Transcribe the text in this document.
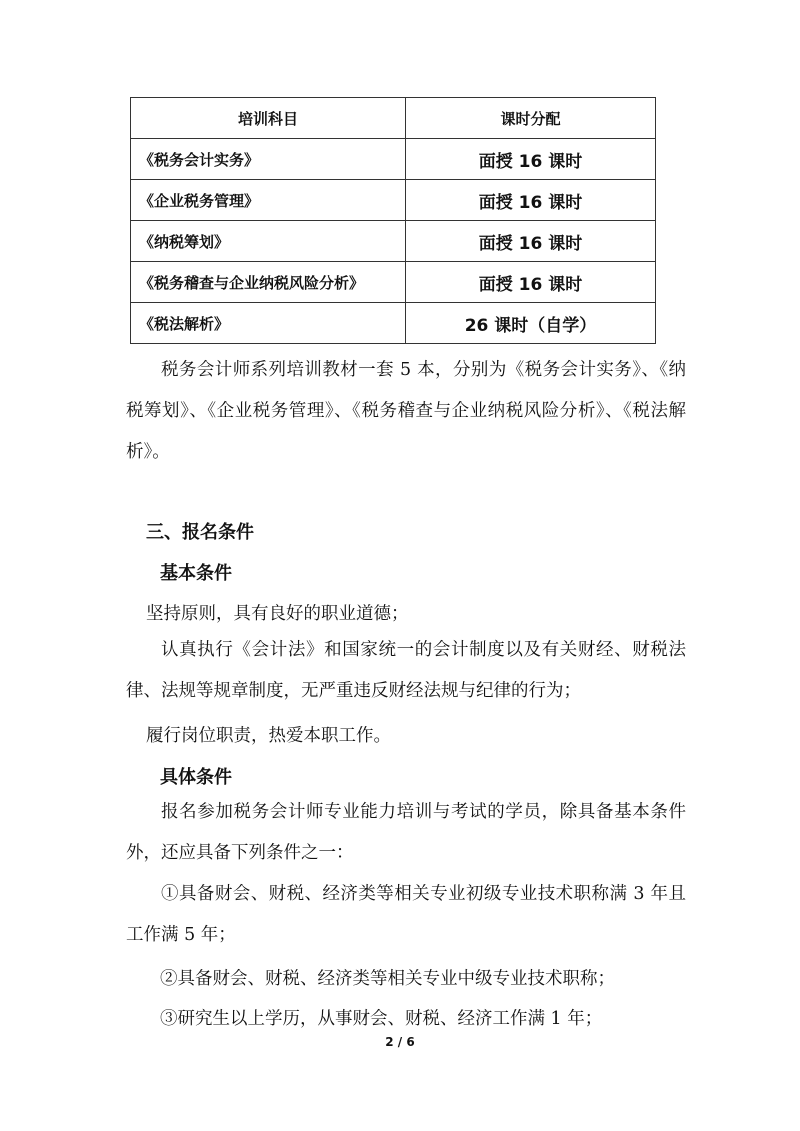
培训科目	课时分配
《税务会计实务》	面授 16 课时
《企业税务管理》	面授 16 课时
《纳税筹划》	面授 16 课时
《税务稽查与企业纳税风险分析》	面授 16 课时
《税法解析》	26 课时（自学）

税务会计师系列培训教材一套 5 本，分别为《税务会计实务》、《纳税筹划》、《企业税务管理》、《税务稽查与企业纳税风险分析》、《税法解析》。

三、报名条件

基本条件

坚持原则，具有良好的职业道德；

认真执行《会计法》和国家统一的会计制度以及有关财经、财税法律、法规等规章制度，无严重违反财经法规与纪律的行为；

履行岗位职责，热爱本职工作。

具体条件

报名参加税务会计师专业能力培训与考试的学员，除具备基本条件外，还应具备下列条件之一：

①具备财会、财税、经济类等相关专业初级专业技术职称满 3 年且工作满 5 年；

②具备财会、财税、经济类等相关专业中级专业技术职称；

③研究生以上学历，从事财会、财税、经济工作满 1 年；

2 / 6
